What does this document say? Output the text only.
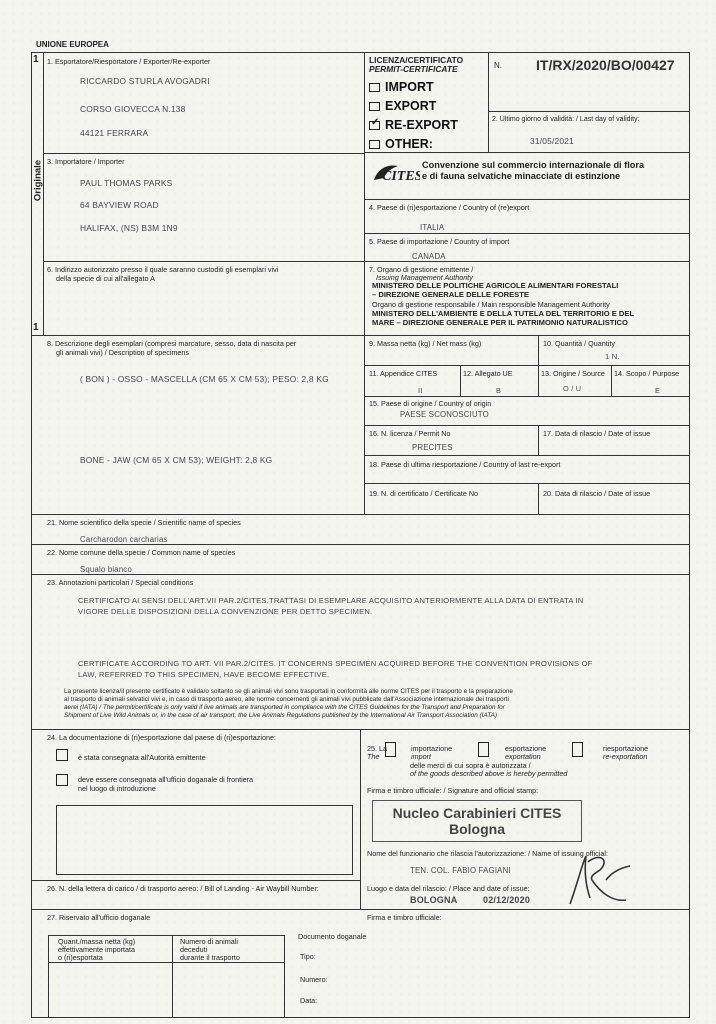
UNIONE EUROPEA
1
1
Originale
1. Esportatore/Riesportatore / Exporter/Re-exporter
RICCARDO STURLA AVOGADRI
CORSO GIOVECCA N.138
44121 FERRARA
3. Importatore / Importer
PAUL THOMAS PARKS
64 BAYVIEW ROAD
HALIFAX, (NS) B3M 1N9
6. Indirizzo autorizzato presso il quale saranno custoditi gli esemplari vivi
della specie di cui all'allegato A
LICENZA/CERTIFICATO
PERMIT-CERTIFICATE
IMPORT
EXPORT
✓ RE-EXPORT
OTHER:
N. IT/RX/2020/BO/00427
2. Ultimo giorno di validità: / Last day of validity:
31/05/2021
CITES
Convenzione sul commercio internazionale di flora
e di fauna selvatiche minacciate di estinzione
4. Paese di (ri)esportazione / Country of (re)export
ITALIA
5. Paese di importazione / Country of import
CANADA
7. Organo di gestione emittente /
Issuing Management Authority
MINISTERO DELLE POLITICHE AGRICOLE ALIMENTARI FORESTALI
– DIREZIONE GENERALE DELLE FORESTE
Organo di gestione responsabile / Main responsible Management Authority
MINISTERO DELL'AMBIENTE E DELLA TUTELA DEL TERRITORIO E DEL
MARE – DIREZIONE GENERALE PER IL PATRIMONIO NATURALISTICO
8. Descrizione degli esemplari (compresi marcature, sesso, data di nascita per
gli animali vivi) / Description of specimens
( BON ) - OSSO - MASCELLA (CM 65 X CM 53); PESO: 2,8 KG
BONE - JAW (CM 65 X CM 53); WEIGHT: 2,8 KG
9. Massa netta (kg) / Net mass (kg)	10. Quantità / Quantity
1 N.
11. Appendice CITES
II
12. Allegato UE
B
13. Origine / Source
O / U
14. Scopo / Purpose
E
15. Paese di origine / Country of origin
PAESE SCONOSCIUTO
16. N. licenza / Permit No
PRECITES
17. Data di rilascio / Date of issue
18. Paese di ultima riesportazione / Country of last re-export
19. N. di certificato / Certificate No	20. Data di rilascio / Date of issue
21. Nome scientifico della specie / Scientific name of species
Carcharodon carcharias
22. Nome comune della specie / Common name of species
Squalo bianco
23. Annotazioni particolari / Special conditions
CERTIFICATO AI SENSI DELL'ART.VII PAR.2/CITES.TRATTASI DI ESEMPLARE ACQUISITO ANTERIORMENTE ALLA DATA DI ENTRATA IN
VIGORE DELLE DISPOSIZIONI DELLA CONVENZIONE PER DETTO SPECIMEN.
CERTIFICATE ACCORDING TO ART. VII PAR.2/CITES. IT CONCERNS SPECIMEN ACQUIRED BEFORE THE CONVENTION PROVISIONS OF
LAW, REFERRED TO THIS SPECIMEN, HAVE BECOME EFFECTIVE.
La presente licenza/il presente certificato è valida/o soltanto se gli animali vivi sono trasportati in conformità alle norme CITES per il trasporto e la preparazione
al trasporto di animali selvatici vivi e, in caso di trasporto aereo, alle norme concernenti gli animali vivi pubblicate dall'Associazione internazionale dei trasporti
aerei (IATA) / The permit/certificate is only valid if live animals are transported in compliance with the CITES Guidelines for the Transport and Preparation for
Shipment of Live Wild Animals or, in the case of air transport, the Live Animals Regulations published by the International Air Transport Association (IATA)
24. La documentazione di (ri)esportazione dal paese di (ri)esportazione:
è stata consegnata all'Autorità emittente
deve essere consegnata all'ufficio doganale di frontiera
nel luogo di introduzione
25. La
The
importazione
import
esportazione
exportation
riesportazione
re-exportation
delle merci di cui sopra è autorizzata /
of the goods described above is hereby permitted
Firma e timbro ufficiale: / Signature and official stamp:
Nucleo Carabinieri CITES
Bologna
Nome del funzionario che rilascia l'autorizzazione: / Name of issuing official:
TEN. COL. FABIO FAGIANI
Luogo e data del rilascio: / Place and date of issue:
BOLOGNA	02/12/2020
26. N. della lettera di carico / di trasporto aereo: / Bill of Landing - Air Waybill Number:
27. Riservato all'ufficio doganale
Quant./massa netta (kg)
effettivamente importata
o (ri)esportata
Numero di animali
deceduti
durante il trasporto
Documento doganale
Tipo:
Numero:
Data:
Firma e timbro ufficiale:
